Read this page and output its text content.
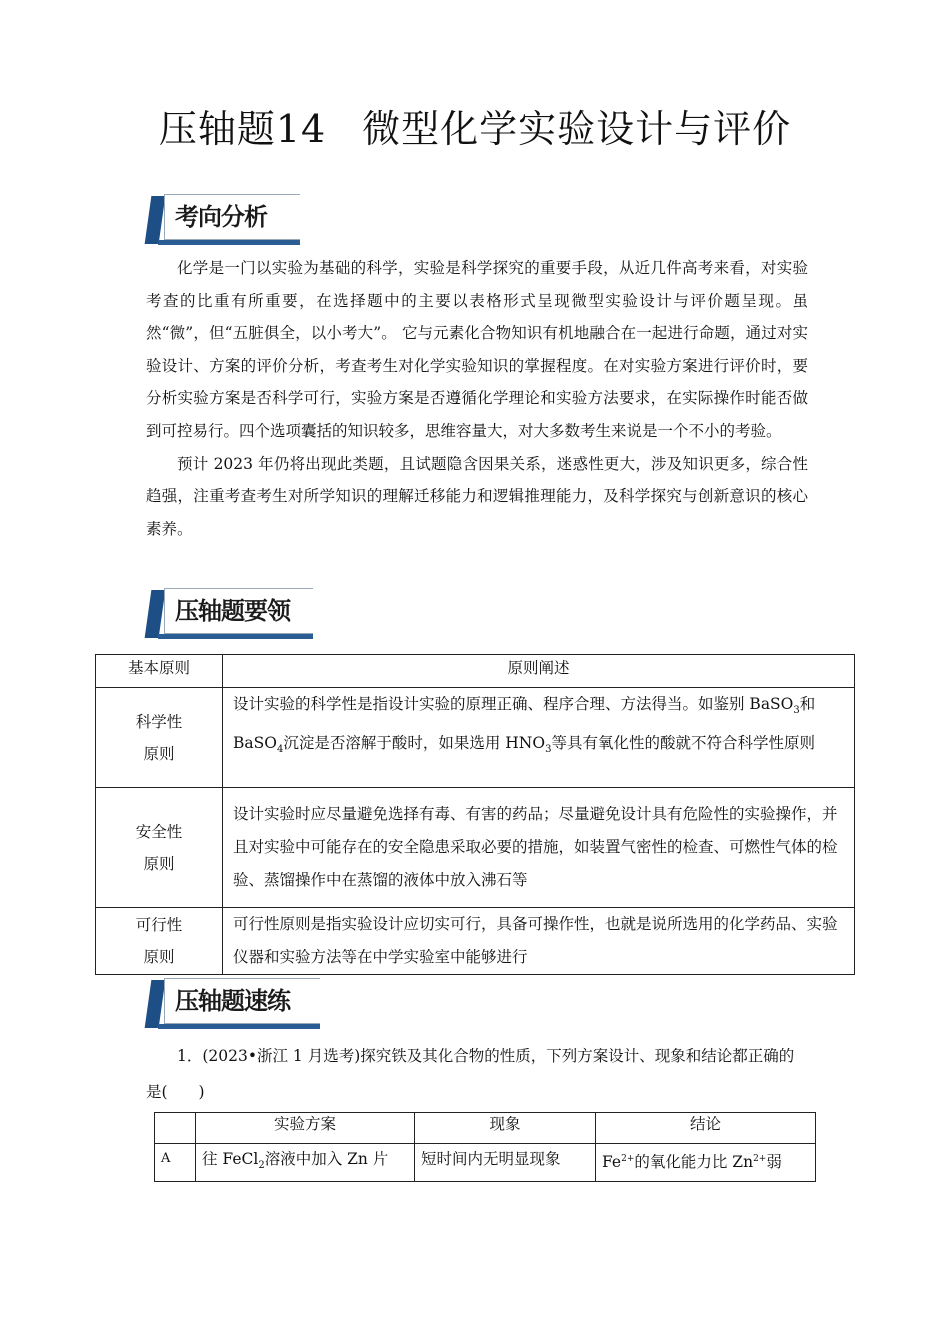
压轴题14 微型化学实验设计与评价
考向分析

化学是一门以实验为基础的科学，实验是科学探究的重要手段，从近几件高考来看，对实验考查的比重有所重要，在选择题中的主要以表格形式呈现微型实验设计与评价题呈现。虽然“微”，但“五脏俱全，以小考大”。 它与元素化合物知识有机地融合在一起进行命题，通过对实验设计、方案的评价分析，考查考生对化学实验知识的掌握程度。在对实验方案进行评价时，要分析实验方案是否科学可行，实验方案是否遵循化学理论和实验方法要求，在实际操作时能否做到可控易行。四个选项囊括的知识较多，思维容量大，对大多数考生来说是一个不小的考验。

预计 2023 年仍将出现此类题，且试题隐含因果关系，迷惑性更大，涉及知识更多，综合性趋强，注重考查考生对所学知识的理解迁移能力和逻辑推理能力，及科学探究与创新意识的核心素养。

压轴题要领
基本原则	原则阐述
科学性
原则	设计实验的科学性是指设计实验的原理正确、程序合理、方法得当。如鉴别 BaSO$_3$和 BaSO$_4$沉淀是否溶解于酸时，如果选用 $HNO_3$等具有氧化性的酸就不符合科学性原则
安全性
原则	设计实验时应尽量避免选择有毒、有害的药品；尽量避免设计具有危险性的实验操作，并且对实验中可能存在的安全隐患采取必要的措施，如装置气密性的检查、可燃性气体的检验、蒸馏操作中在蒸馏的液体中放入沸石等
可行性
原则	可行性原则是指实验设计应切实可行，具备可操作性，也就是说所选用的化学药品、实验仪器和实验方法等在中学实验室中能够进行
压轴题速练
1．(2023•浙江 1 月选考)探究铁及其化合物的性质，下列方案设计、现象和结论都正确的是(　　)
	实验方案	现象	结论
A	往 FeCl$_2$溶液中加入 Zn 片	短时间内无明显现象	$Fe^{2+}$的氧化能力比 $Zn^{2+}$弱
